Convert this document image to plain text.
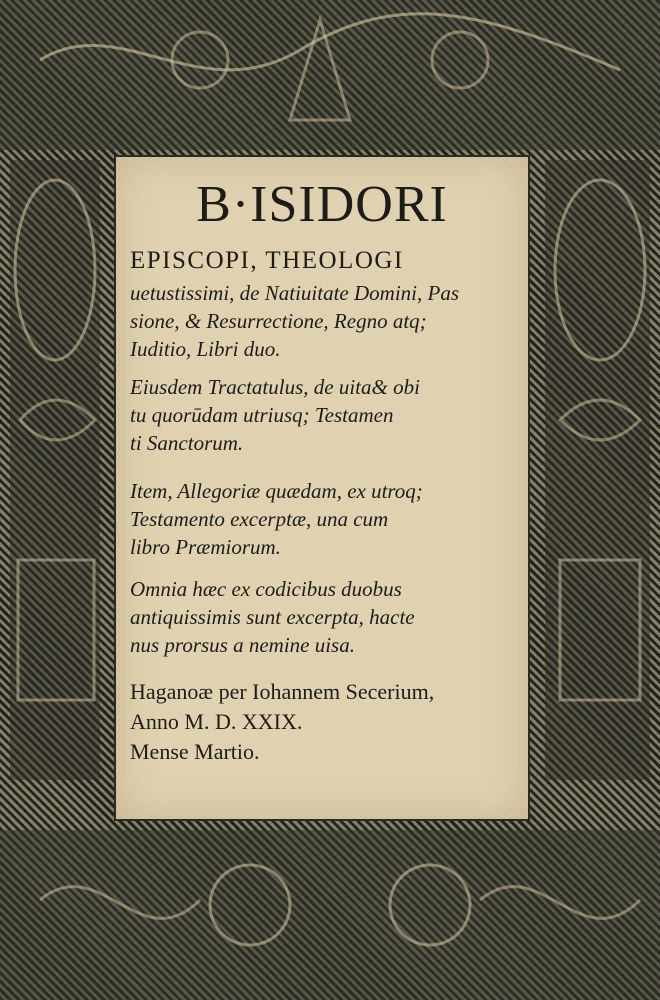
B·ISIDORI
EPISCOPI, THEOLOGI
uetustissimi, de Natiuitate Domini, Pas
sione, & Resurrectione, Regno atq;
Iuditio, Libri duo.
Eiusdem Tractatulus, de uita& obi
tu quorūdam utriusq; Testamen
ti Sanctorum.
Item, Allegoriæ quædam, ex utroq;
Testamento excerptæ, una cum
libro Præmiorum.
Omnia hæc ex codicibus duobus
antiquissimis sunt excerpta, hacte
nus prorsus a nemine uisa.
Haganoæ per Iohannem Secerium,
Anno M. D. XXIX.
Mense Martio.
